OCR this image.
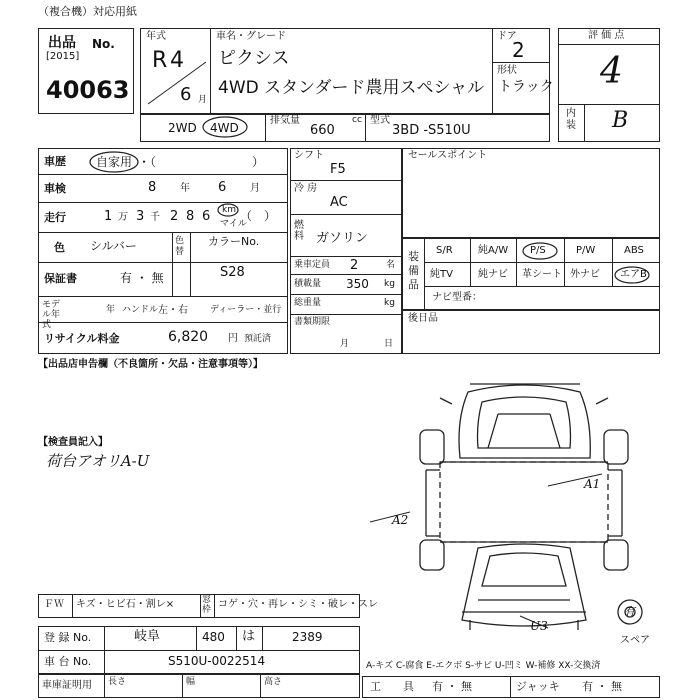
（複合機）対応用紙
出品 No.
[2015]
40063
年式
R 4
6 月
車名・グレード
ピクシス
4WD スタンダード農用スペシャル
ドア
2
形状
トラック
評 価 点
4
内装 B
2WD 4WD
排気量
660
cc 型式
3BD -S510U
車歴	自家用 ・（　　　　　　　　）
車検	8 年 6 月
走行	1 万 3 千 2 8 6 km
マイル
（　）
色 シルバー	色替
カラーNo.
保証書	有 ・ 無	S28
モデル年式
年 ハンドル 左・右 ディーラー・並行
リサイクル料金	6,820 円 預託済
シフト
F5
冷 房
AC
燃 料 ガソリン
乗車定員 2	名
積載量 350 kg
総重量	kg
書類期限
月	日
セールスポイント
装備品
S/R	純A/W P/S	P/W	ABS
純TV	純ナビ 革シート 外ナビ エアB
ナビ型番：
後日品
【出品店申告欄（不良箇所・欠品・注意事項等）】
【検査員記入】
荷台アオリA-U
A1
A2
U3
有
スペア
ＦＷ キズ・ヒビ石・割レ×	窓
枠 コゲ・穴・再レ・シミ・破レ・スレ
登 録 No.	岐阜	480 は	2389
車 台 No.	S510U-0022514
車庫証明用 長さ	幅	高さ
A-キズ C-腐食 E-エクボ S-サビ U-凹ミ W-補修 XX-交換済
工　　具 有 ・ 無	ジャッキ 有 ・ 無
